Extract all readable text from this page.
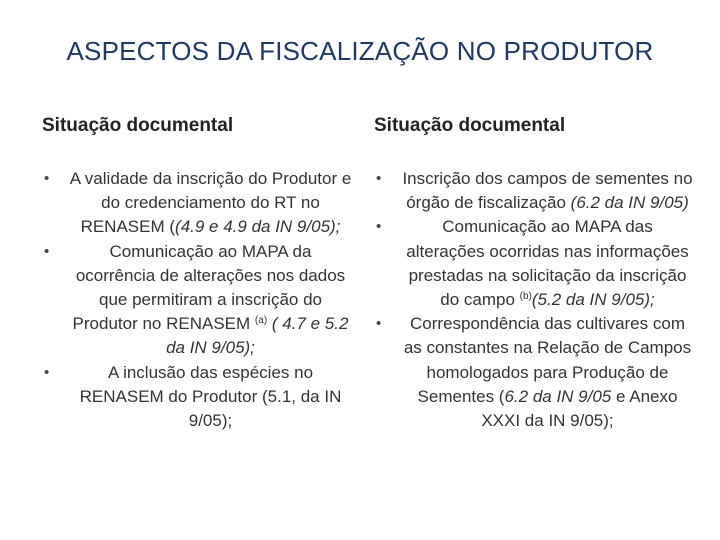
ASPECTOS DA FISCALIZAÇÃO NO PRODUTOR
Situação documental
• A validade da inscrição do Produtor e do credenciamento do RT no RENASEM ((4.9 e 4.9 da IN 9/05);
•	Comunicação ao MAPA da ocorrência de alterações nos dados que permitiram a inscrição do Produtor no RENASEM $^{(a)}$ ( 4.7 e 5.2 da IN 9/05);
•	A inclusão das espécies no RENASEM do Produtor (5.1, da IN 9/05);
Situação documental
• Inscrição dos campos de sementes no órgão de fiscalização (6.2 da IN 9/05)
•	Comunicação ao MAPA das alterações ocorridas nas informações prestadas na solicitação da inscrição do campo $^{(b)}$(5.2 da IN 9/05);
• Correspondência das cultivares com as constantes na Relação de Campos homologados para Produção de Sementes (6.2 da IN 9/05 e Anexo XXXI da IN 9/05);
